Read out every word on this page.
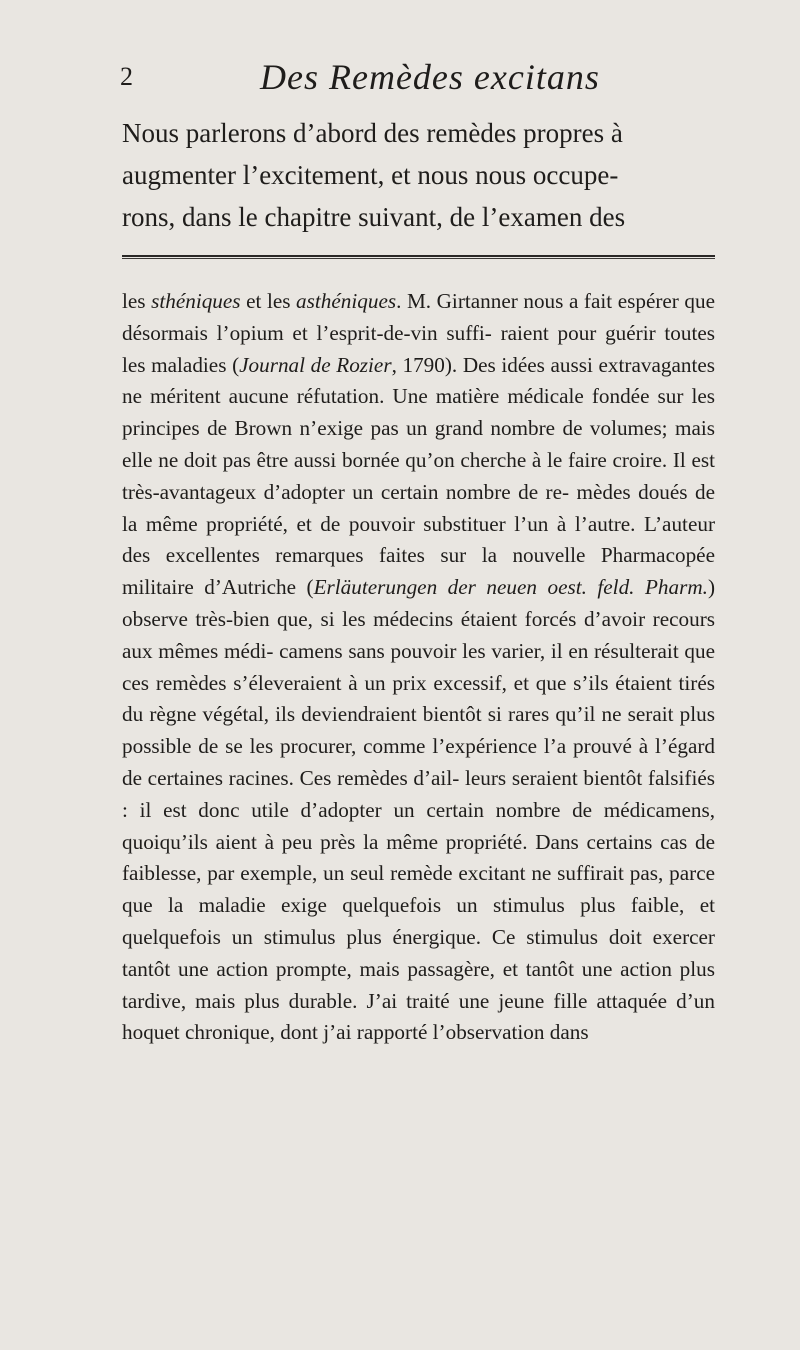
2	Des Remèdes excitans

Nous parlerons d’abord des remèdes propres à

augmenter l’excitement, et nous nous occupe-

rons, dans le chapitre suivant, de l’examen des

les sthéniques et les asthéniques. M. Girtanner nous a fait espérer que désormais l’opium et l’esprit-de-vin suffi- raient pour guérir toutes les maladies (Journal de Rozier, 1790). Des idées aussi extravagantes ne méritent aucune réfutation. Une matière médicale fondée sur les principes de Brown n’exige pas un grand nombre de volumes; mais elle ne doit pas être aussi bornée qu’on cherche à le faire croire. Il est très-avantageux d’adopter un certain nombre de re- mèdes doués de la même propriété, et de pouvoir substituer l’un à l’autre. L’auteur des excellentes remarques faites sur la nouvelle Pharmacopée militaire d’Autriche (Erläuterungen der neuen oest. feld. Pharm.) observe très-bien que, si les médecins étaient forcés d’avoir recours aux mêmes médi- camens sans pouvoir les varier, il en résulterait que ces remèdes s’éleveraient à un prix excessif, et que s’ils étaient tirés du règne végétal, ils deviendraient bientôt si rares qu’il ne serait plus possible de se les procurer, comme l’expérience l’a prouvé à l’égard de certaines racines. Ces remèdes d’ail- leurs seraient bientôt falsifiés : il est donc utile d’adopter un certain nombre de médicamens, quoiqu’ils aient à peu près la même propriété. Dans certains cas de faiblesse, par exemple, un seul remède excitant ne suffirait pas, parce que la maladie exige quelquefois un stimulus plus faible, et quelquefois un stimulus plus énergique. Ce stimulus doit exercer tantôt une action prompte, mais passagère, et tantôt une action plus tardive, mais plus durable. J’ai traité une jeune fille attaquée d’un hoquet chronique, dont j’ai rapporté l’observation dans
